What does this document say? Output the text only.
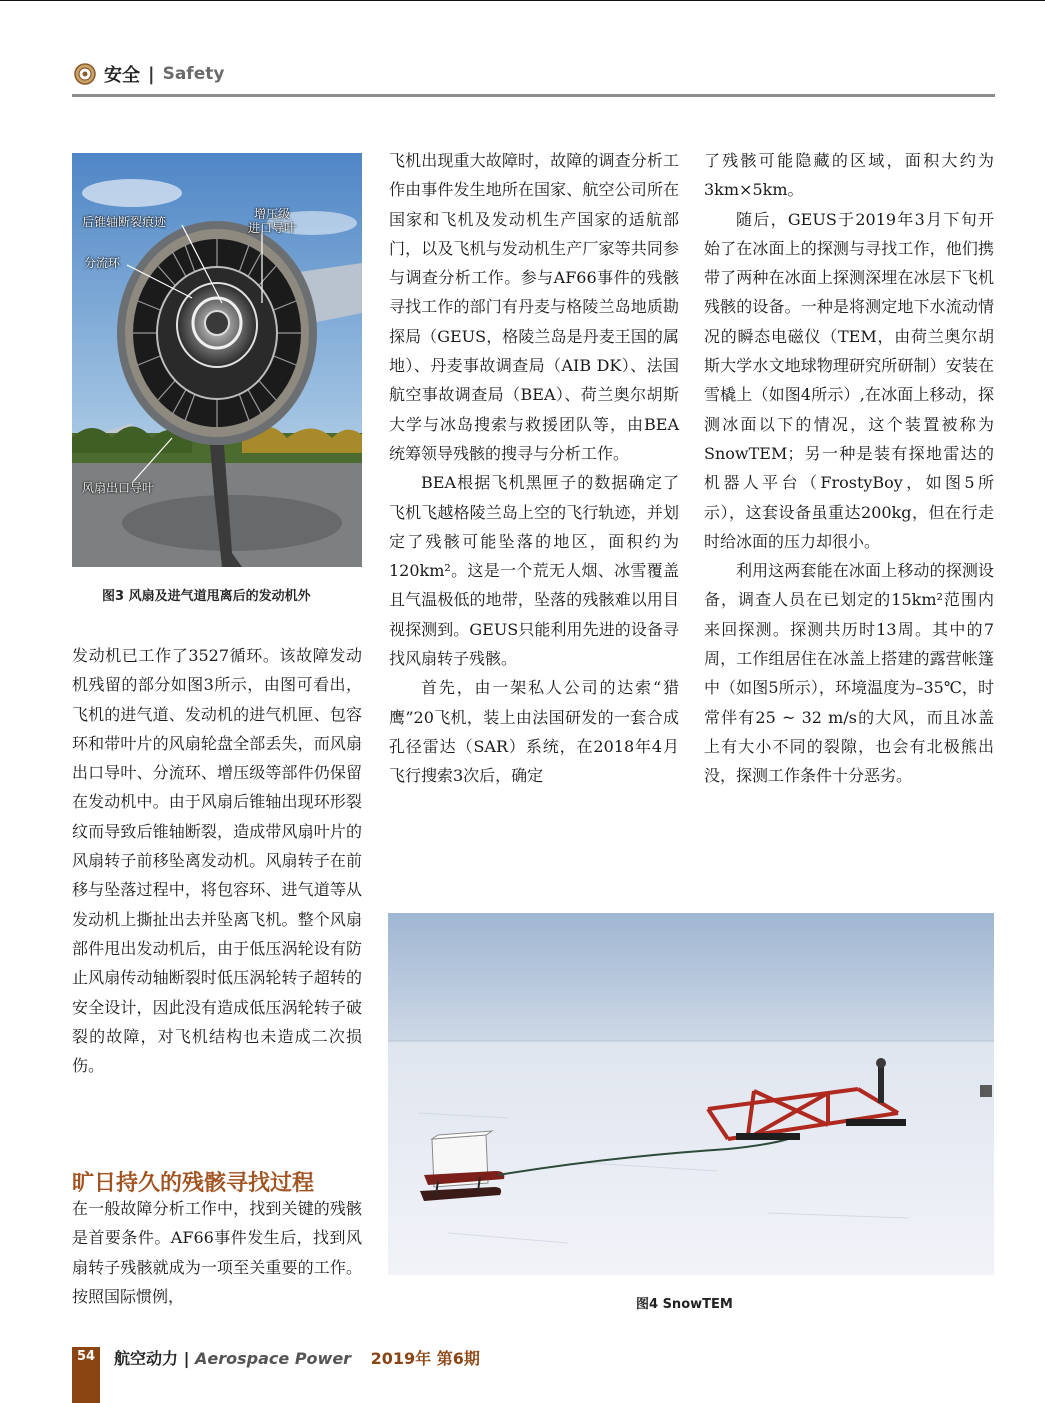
安全 | Safety
后锥轴断裂痕迹
增压级
进口导叶
分流环
风扇出口导叶
图3 风扇及进气道甩离后的发动机外

发动机已工作了3527循环。该故障发动机残留的部分如图3所示，由图可看出，飞机的进气道、发动机的进气机匣、包容环和带叶片的风扇轮盘全部丢失，而风扇出口导叶、分流环、增压级等部件仍保留在发动机中。由于风扇后锥轴出现环形裂纹而导致后锥轴断裂，造成带风扇叶片的风扇转子前移坠离发动机。风扇转子在前移与坠落过程中，将包容环、进气道等从发动机上撕扯出去并坠离飞机。整个风扇部件甩出发动机后，由于低压涡轮设有防止风扇传动轴断裂时低压涡轮转子超转的安全设计，因此没有造成低压涡轮转子破裂的故障，对飞机结构也未造成二次损伤。

旷日持久的残骸寻找过程

在一般故障分析工作中，找到关键的残骸是首要条件。AF66事件发生后，找到风扇转子残骸就成为一项至关重要的工作。按照国际惯例，

飞机出现重大故障时，故障的调查分析工作由事件发生地所在国家、航空公司所在国家和飞机及发动机生产国家的适航部门，以及飞机与发动机生产厂家等共同参与调查分析工作。参与AF66事件的残骸寻找工作的部门有丹麦与格陵兰岛地质勘探局（GEUS，格陵兰岛是丹麦王国的属地）、丹麦事故调查局（AIB DK）、法国航空事故调查局（BEA）、荷兰奥尔胡斯大学与冰岛搜索与救援团队等，由BEA统筹领导残骸的搜寻与分析工作。

BEA根据飞机黑匣子的数据确定了飞机飞越格陵兰岛上空的飞行轨迹，并划定了残骸可能坠落的地区，面积约为120km²。这是一个荒无人烟、冰雪覆盖且气温极低的地带，坠落的残骸难以用目视探测到。GEUS只能利用先进的设备寻找风扇转子残骸。

首先，由一架私人公司的达索“猎鹰”20飞机，装上由法国研发的一套合成孔径雷达（SAR）系统，在2018年4月飞行搜索3次后，确定

了残骸可能隐藏的区域，面积大约为3km×5km。

随后，GEUS于2019年3月下旬开始了在冰面上的探测与寻找工作，他们携带了两种在冰面上探测深埋在冰层下飞机残骸的设备。一种是将测定地下水流动情况的瞬态电磁仪（TEM，由荷兰奥尔胡斯大学水文地球物理研究所研制）安装在雪橇上（如图4所示）,在冰面上移动，探测冰面以下的情况，这个装置被称为SnowTEM；另一种是装有探地雷达的机器人平台（FrostyBoy，如图5所示），这套设备虽重达200kg，但在行走时给冰面的压力却很小。

利用这两套能在冰面上移动的探测设备，调查人员在已划定的15km²范围内来回探测。探测共历时13周。其中的7周，工作组居住在冰盖上搭建的露营帐篷中（如图5所示），环境温度为–35℃，时常伴有25 ~ 32 m/s的大风，而且冰盖上有大小不同的裂隙，也会有北极熊出没，探测工作条件十分恶劣。

图4 SnowTEM
54	航空动力 | Aerospace Power 2019年 第6期
